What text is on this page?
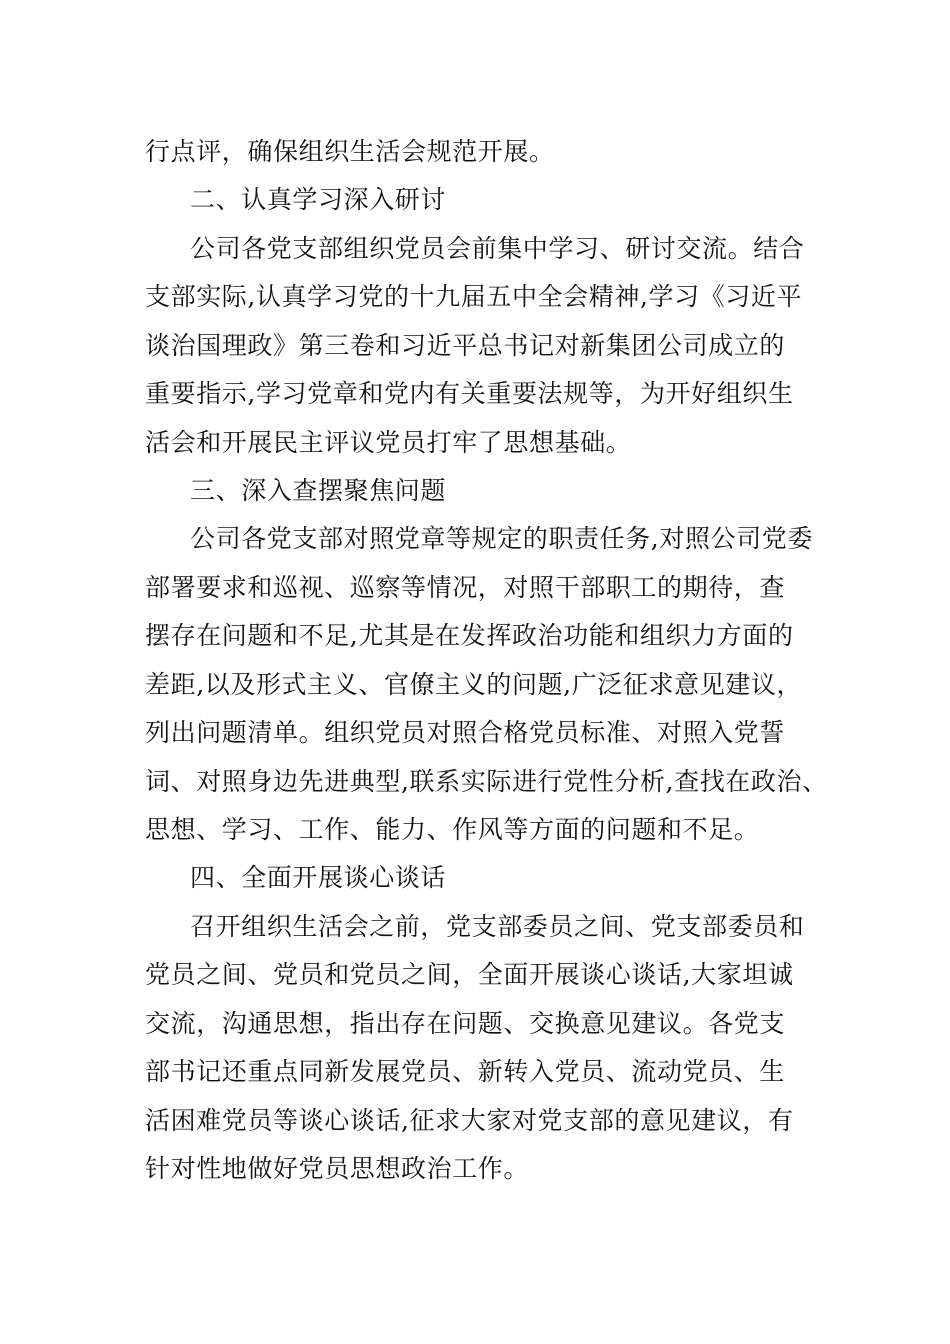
行点评，确保组织生活会规范开展。
二、认真学习深入研讨
公司各党支部组织党员会前集中学习、研讨交流。结合
支部实际,认真学习党的十九届五中全会精神,学习《习近平
谈治国理政》第三卷和习近平总书记对新集团公司成立的
重要指示,学习党章和党内有关重要法规等，为开好组织生
活会和开展民主评议党员打牢了思想基础。
三、深入查摆聚焦问题
公司各党支部对照党章等规定的职责任务,对照公司党委
部署要求和巡视、巡察等情况，对照干部职工的期待，查
摆存在问题和不足,尤其是在发挥政治功能和组织力方面的
差距,以及形式主义、官僚主义的问题,广泛征求意见建议，
列出问题清单。组织党员对照合格党员标准、对照入党誓
词、对照身边先进典型,联系实际进行党性分析,查找在政治、
思想、学习、工作、能力、作风等方面的问题和不足。
四、全面开展谈心谈话
召开组织生活会之前，党支部委员之间、党支部委员和
党员之间、党员和党员之间，全面开展谈心谈话,大家坦诚
交流，沟通思想，指出存在问题、交换意见建议。各党支
部书记还重点同新发展党员、新转入党员、流动党员、生
活困难党员等谈心谈话,征求大家对党支部的意见建议，有
针对性地做好党员思想政治工作。
